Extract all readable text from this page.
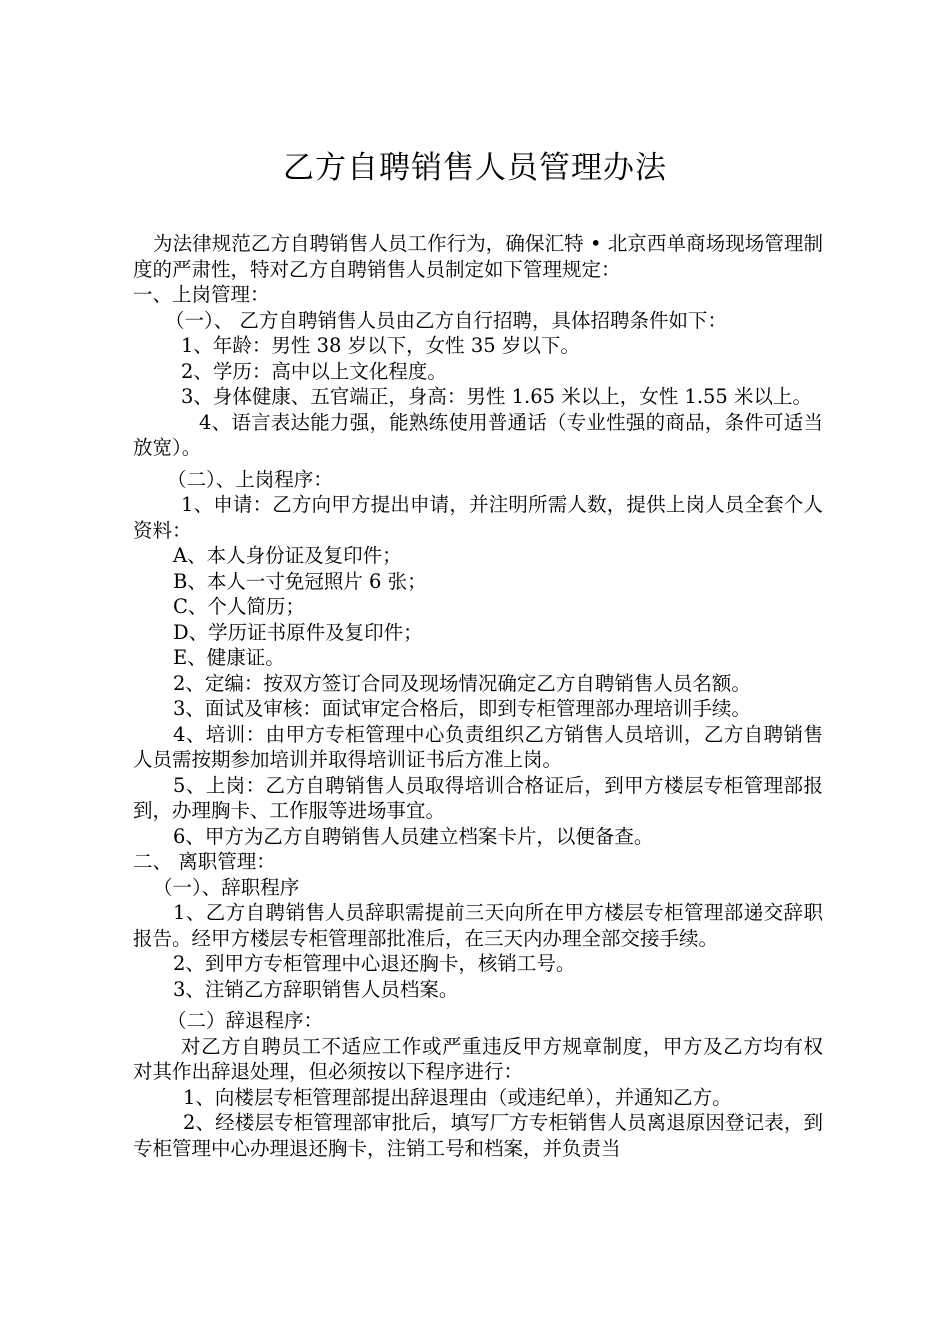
乙方自聘销售人员管理办法

为法律规范乙方自聘销售人员工作行为，确保汇特 • 北京西单商场现场管理制度的严肃性，特对乙方自聘销售人员制定如下管理规定：

一、上岗管理：

（一）、 乙方自聘销售人员由乙方自行招聘，具体招聘条件如下：

1、年龄：男性 38 岁以下，女性 35 岁以下。

2、学历：高中以上文化程度。

3、身体健康、五官端正，身高：男性 1.65 米以上，女性 1.55 米以上。

4、语言表达能力强，能熟练使用普通话（专业性强的商品，条件可适当放宽）。

（二）、上岗程序：

1、申请：乙方向甲方提出申请，并注明所需人数，提供上岗人员全套个人资料：

A、本人身份证及复印件；

B、本人一寸免冠照片 6 张；

C、个人简历；

D、学历证书原件及复印件；

E、健康证。

2、定编：按双方签订合同及现场情况确定乙方自聘销售人员名额。

3、面试及审核：面试审定合格后，即到专柜管理部办理培训手续。

4、培训：由甲方专柜管理中心负责组织乙方销售人员培训，乙方自聘销售人员需按期参加培训并取得培训证书后方准上岗。

5、上岗：乙方自聘销售人员取得培训合格证后，到甲方楼层专柜管理部报到，办理胸卡、工作服等进场事宜。

6、甲方为乙方自聘销售人员建立档案卡片，以便备查。

二、 离职管理：

（一）、辞职程序

1、乙方自聘销售人员辞职需提前三天向所在甲方楼层专柜管理部递交辞职报告。经甲方楼层专柜管理部批准后，在三天内办理全部交接手续。

2、到甲方专柜管理中心退还胸卡，核销工号。

3、注销乙方辞职销售人员档案。

（二）辞退程序：

对乙方自聘员工不适应工作或严重违反甲方规章制度，甲方及乙方均有权对其作出辞退处理，但必须按以下程序进行：

1、向楼层专柜管理部提出辞退理由（或违纪单），并通知乙方。

2、经楼层专柜管理部审批后，填写厂方专柜销售人员离退原因登记表，到专柜管理中心办理退还胸卡，注销工号和档案，并负责当
